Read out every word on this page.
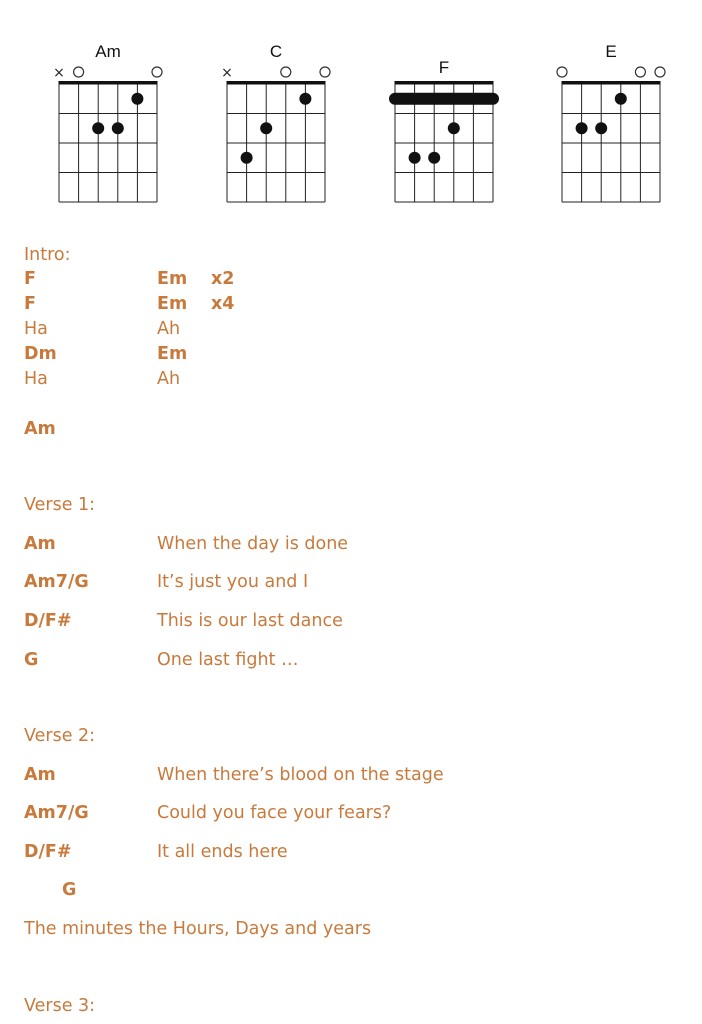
Am
×
C
×	F
E
Intro:
F	Em x2
F	Em x4
Ha	Ah
Dm	Em
Ha	Ah
Am
Verse 1:
Am	When the day is done
Am7/G	It’s just you and I
D/F#	This is our last dance
G	One last fight …
Verse 2:
Am	When there’s blood on the stage
Am7/G	Could you face your fears?
D/F#	It all ends here
G
The minutes the Hours, Days and years
Verse 3:
